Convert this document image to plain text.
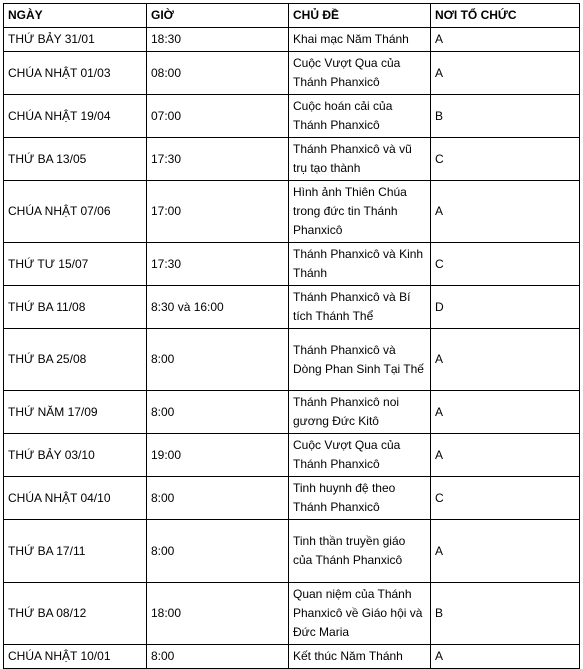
NGÀY	GIỜ	CHỦ ĐỀ	NƠI TỔ CHỨC
THỨ BẢY 31/01	18:30	Khai mạc Năm Thánh	A
CHÚA NHẬT 01/03	08:00	Cuộc Vượt Qua của Thánh Phanxicô	A
CHÚA NHẬT 19/04	07:00	Cuộc hoán cải của Thánh Phanxicô	B
THỨ BA 13/05	17:30	Thánh Phanxicô và vũ trụ tạo thành	C
CHÚA NHẬT 07/06	17:00	Hình ảnh Thiên Chúa trong đức tin Thánh Phanxicô	A
THỨ TƯ 15/07	17:30	Thánh Phanxicô và Kinh Thánh	C
THỨ BA 11/08	8:30 và 16:00	Thánh Phanxicô và Bí tích Thánh Thể	D
THỨ BA 25/08	8:00	Thánh Phanxicô và Dòng Phan Sinh Tại Thế	A
THỨ NĂM 17/09	8:00	Thánh Phanxicô noi gương Đức Kitô	A
THỨ BẢY 03/10	19:00	Cuộc Vượt Qua của Thánh Phanxicô	A
CHÚA NHẬT 04/10	8:00	Tinh huynh đệ theo Thánh Phanxicô	C
THỨ BA 17/11	8:00	Tinh thần truyền giáo của Thánh Phanxicô	A
THỨ BA 08/12	18:00	Quan niệm của Thánh Phanxicô về Giáo hội và Đức Maria	B
CHÚA NHẬT 10/01	8:00	Kết thúc Năm Thánh	A
